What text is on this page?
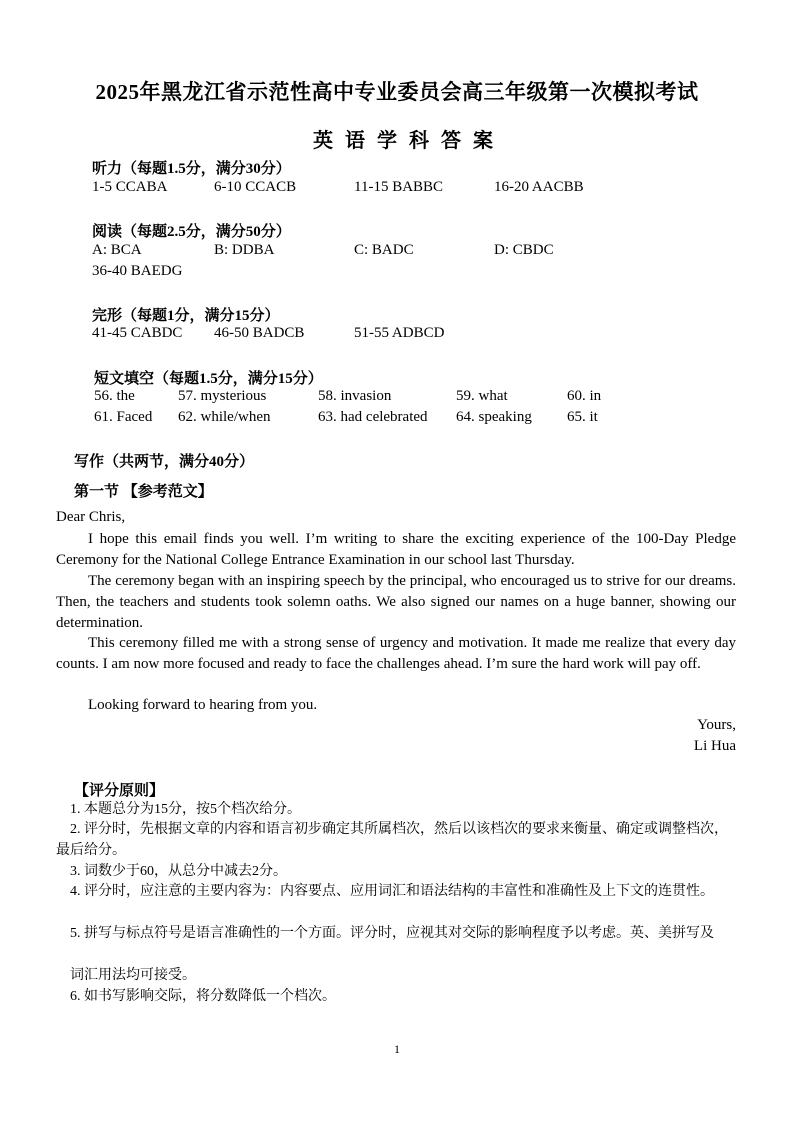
2025年黑龙江省示范性高中专业委员会高三年级第一次模拟考试
英语学科答案
听力（每题1.5分，满分30分）
1-5 CCABA	6-10 CCACB	11-15 BABBC	16-20 AACBB
阅读（每题2.5分，满分50分）
A: BCA	B: DDBA	C: BADC	D: CBDC
36-40 BAEDG
完形（每题1分，满分15分）
41-45 CABDC 46-50 BADCB	51-55 ADBCD
短文填空（每题1.5分，满分15分）
56. the	57. mysterious	58. invasion	59. what	60. in
61. Faced 62. while/when	63. had celebrated 64. speaking 65. it
写作（共两节，满分40分）
第一节 【参考范文】
Dear Chris,
I hope this email finds you well. I’m writing to share the exciting experience of the 100-Day Pledge Ceremony for the National College Entrance Examination in our school last Thursday.
The ceremony began with an inspiring speech by the principal, who encouraged us to strive for our dreams. Then, the teachers and students took solemn oaths. We also signed our names on a huge banner, showing our determination.
This ceremony filled me with a strong sense of urgency and motivation. It made me realize that every day counts. I am now more focused and ready to face the challenges ahead. I’m sure the hard work will pay off.
Looking forward to hearing from you.
Yours,
Li Hua
【评分原则】
1. 本题总分为15分，按5个档次给分。
2. 评分时，先根据文章的内容和语言初步确定其所属档次，然后以该档次的要求来衡量、确定或调整档次，最后给分。
3. 词数少于60，从总分中减去2分。
4. 评分时，应注意的主要内容为：内容要点、应用词汇和语法结构的丰富性和准确性及上下文的连贯性。
5. 拼写与标点符号是语言准确性的一个方面。评分时，应视其对交际的影响程度予以考虑。英、美拼写及
词汇用法均可接受。
6. 如书写影响交际，将分数降低一个档次。
1
